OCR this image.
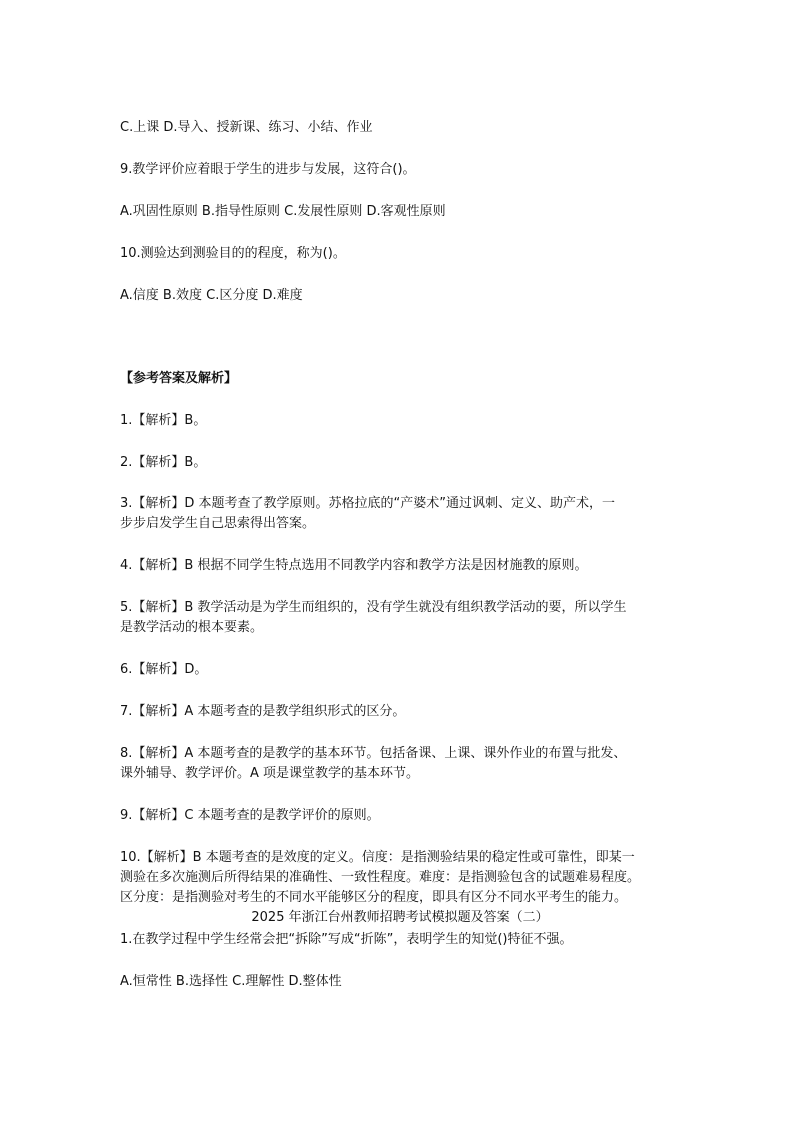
C.上课 D.导入、授新课、练习、小结、作业
9.教学评价应着眼于学生的进步与发展，这符合()。
A.巩固性原则 B.指导性原则 C.发展性原则 D.客观性原则
10.测验达到测验目的的程度，称为()。
A.信度 B.效度 C.区分度 D.难度
【参考答案及解析】
1.【解析】B。
2.【解析】B。
3.【解析】D 本题考查了教学原则。苏格拉底的“产婆术”通过讽刺、定义、助产术，一
步步启发学生自己思索得出答案。
4.【解析】B 根据不同学生特点选用不同教学内容和教学方法是因材施教的原则。
5.【解析】B 教学活动是为学生而组织的，没有学生就没有组织教学活动的要，所以学生
是教学活动的根本要素。
6.【解析】D。
7.【解析】A 本题考查的是教学组织形式的区分。
8.【解析】A 本题考查的是教学的基本环节。包括备课、上课、课外作业的布置与批发、
课外辅导、教学评价。A 项是课堂教学的基本环节。
9.【解析】C 本题考查的是教学评价的原则。
10.【解析】B 本题考查的是效度的定义。信度：是指测验结果的稳定性或可靠性，即某一
测验在多次施测后所得结果的准确性、一致性程度。难度：是指测验包含的试题难易程度。
区分度：是指测验对考生的不同水平能够区分的程度，即具有区分不同水平考生的能力。
2025 年浙江台州教师招聘考试模拟题及答案（二）
1.在教学过程中学生经常会把“拆除”写成“折陈”，表明学生的知觉()特征不强。
A.恒常性 B.选择性 C.理解性 D.整体性
